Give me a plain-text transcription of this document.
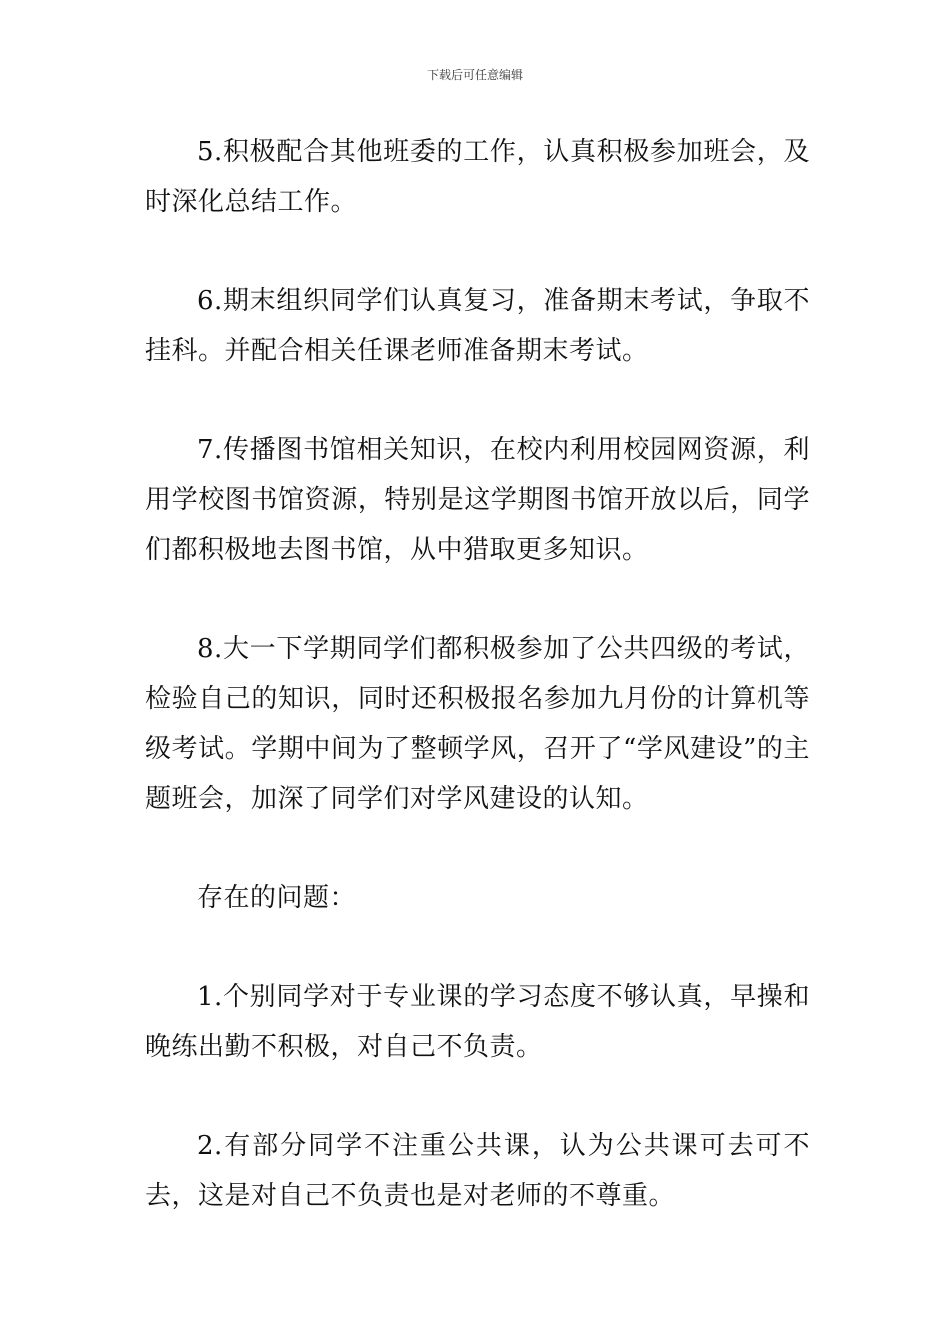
下载后可任意编辑

5.积极配合其他班委的工作，认真积极参加班会，及时深化总结工作。

6.期末组织同学们认真复习，准备期末考试，争取不挂科。并配合相关任课老师准备期末考试。

7.传播图书馆相关知识，在校内利用校园网资源，利用学校图书馆资源，特别是这学期图书馆开放以后，同学们都积极地去图书馆，从中猎取更多知识。

8.大一下学期同学们都积极参加了公共四级的考试，检验自己的知识，同时还积极报名参加九月份的计算机等级考试。学期中间为了整顿学风，召开了“学风建设”的主题班会，加深了同学们对学风建设的认知。

存在的问题：

1.个别同学对于专业课的学习态度不够认真，早操和晚练出勤不积极，对自己不负责。

2.有部分同学不注重公共课，认为公共课可去可不去，这是对自己不负责也是对老师的不尊重。
